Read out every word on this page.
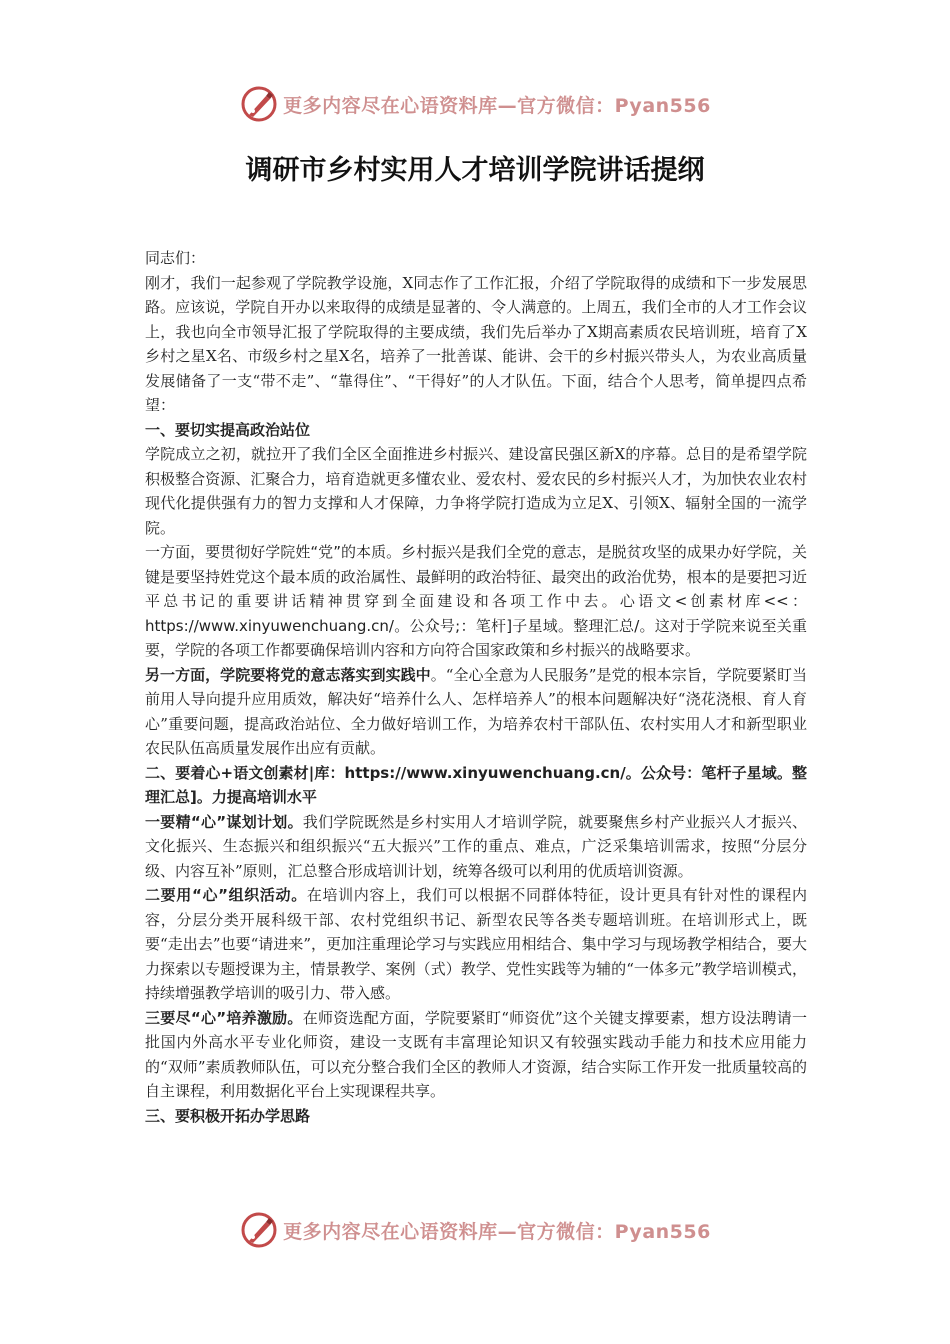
更多内容尽在心语资料库—官方微信：Pyan556
调研市乡村实用人才培训学院讲话提纲

同志们：

刚才，我们一起参观了学院教学设施，X同志作了工作汇报，介绍了学院取得的成绩和下一步发展思路。应该说，学院自开办以来取得的成绩是显著的、令人满意的。上周五，我们全市的人才工作会议上，我也向全市领导汇报了学院取得的主要成绩，我们先后举办了X期高素质农民培训班，培育了X乡村之星X名、市级乡村之星X名，培养了一批善谋、能讲、会干的乡村振兴带头人，为农业高质量发展储备了一支“带不走”、“靠得住”、“干得好”的人才队伍。下面，结合个人思考，简单提四点希望：

一、要切实提高政治站位

学院成立之初，就拉开了我们全区全面推进乡村振兴、建设富民强区新X的序幕。总目的是希望学院积极整合资源、汇聚合力，培育造就更多懂农业、爱农村、爱农民的乡村振兴人才，为加快农业农村现代化提供强有力的智力支撑和人才保障，力争将学院打造成为立足X、引领X、辐射全国的一流学院。

一方面，要贯彻好学院姓“党”的本质。乡村振兴是我们全党的意志，是脱贫攻坚的成果办好学院，关键是要坚持姓党这个最本质的政治属性、最鲜明的政治特征、最突出的政治优势，根本的是要把习近平总书记的重要讲话精神贯穿到全面建设和各项工作中去。心语文<创素材库<<：https://www.xinyuwenchuang.cn/。公众号;：笔杆]子星域。整理汇总/。这对于学院来说至关重要，学院的各项工作都要确保培训内容和方向符合国家政策和乡村振兴的战略要求。

另一方面，学院要将党的意志落实到实践中。“全心全意为人民服务”是党的根本宗旨，学院要紧盯当前用人导向提升应用质效，解决好“培养什么人、怎样培养人”的根本问题解决好“浇花浇根、育人育心”重要问题，提高政治站位、全力做好培训工作，为培养农村干部队伍、农村实用人才和新型职业农民队伍高质量发展作出应有贡献。

二、要着心+语文创素材|库：https://www.xinyuwenchuang.cn/。公众号：笔杆子星域。整理汇总]。力提高培训水平

一要精“心”谋划计划。我们学院既然是乡村实用人才培训学院，就要聚焦乡村产业振兴人才振兴、文化振兴、生态振兴和组织振兴“五大振兴”工作的重点、难点，广泛采集培训需求，按照“分层分级、内容互补”原则，汇总整合形成培训计划，统筹各级可以利用的优质培训资源。

二要用“心”组织活动。在培训内容上，我们可以根据不同群体特征，设计更具有针对性的课程内容，分层分类开展科级干部、农村党组织书记、新型农民等各类专题培训班。在培训形式上，既要“走出去”也要“请进来”，更加注重理论学习与实践应用相结合、集中学习与现场教学相结合，要大力探索以专题授课为主，情景教学、案例（式）教学、党性实践等为辅的“一体多元”教学培训模式，持续增强教学培训的吸引力、带入感。

三要尽“心”培养激励。在师资选配方面，学院要紧盯“师资优”这个关键支撑要素，想方设法聘请一批国内外高水平专业化师资，建设一支既有丰富理论知识又有较强实践动手能力和技术应用能力的“双师”素质教师队伍，可以充分整合我们全区的教师人才资源，结合实际工作开发一批质量较高的自主课程，利用数据化平台上实现课程共享。

三、要积极开拓办学思路

更多内容尽在心语资料库—官方微信：Pyan556
